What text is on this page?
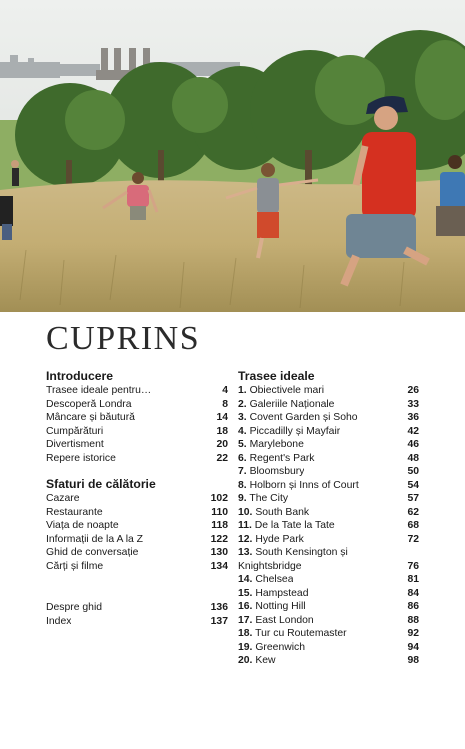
CUPRINS
Introducere
Trasee ideale pentru…	4
Descoperă Londra	8
Mâncare și băutură	14
Cumpărături	18
Divertisment	20
Repere istorice	22
Sfaturi de călătorie
Cazare	102
Restaurante	110
Viața de noapte	118
Informații de la A la Z	122
Ghid de conversație	130
Cărți și filme	134
Despre ghid	136
Index	137
Trasee ideale
1. Obiectivele mari	26
2. Galeriile Naționale	33
3. Covent Garden și Soho	36
4. Piccadilly și Mayfair	42
5. Marylebone	46
6. Regent's Park	48
7. Bloomsbury	50
8. Holborn și Inns of Court	54
9. The City	57
10. South Bank	62
11. De la Tate la Tate	68
12. Hyde Park	72
13. South Kensington și Knightsbridge	76
14. Chelsea	81
15. Hampstead	84
16. Notting Hill	86
17. East London	88
18. Tur cu Routemaster	92
19. Greenwich	94
20. Kew	98
